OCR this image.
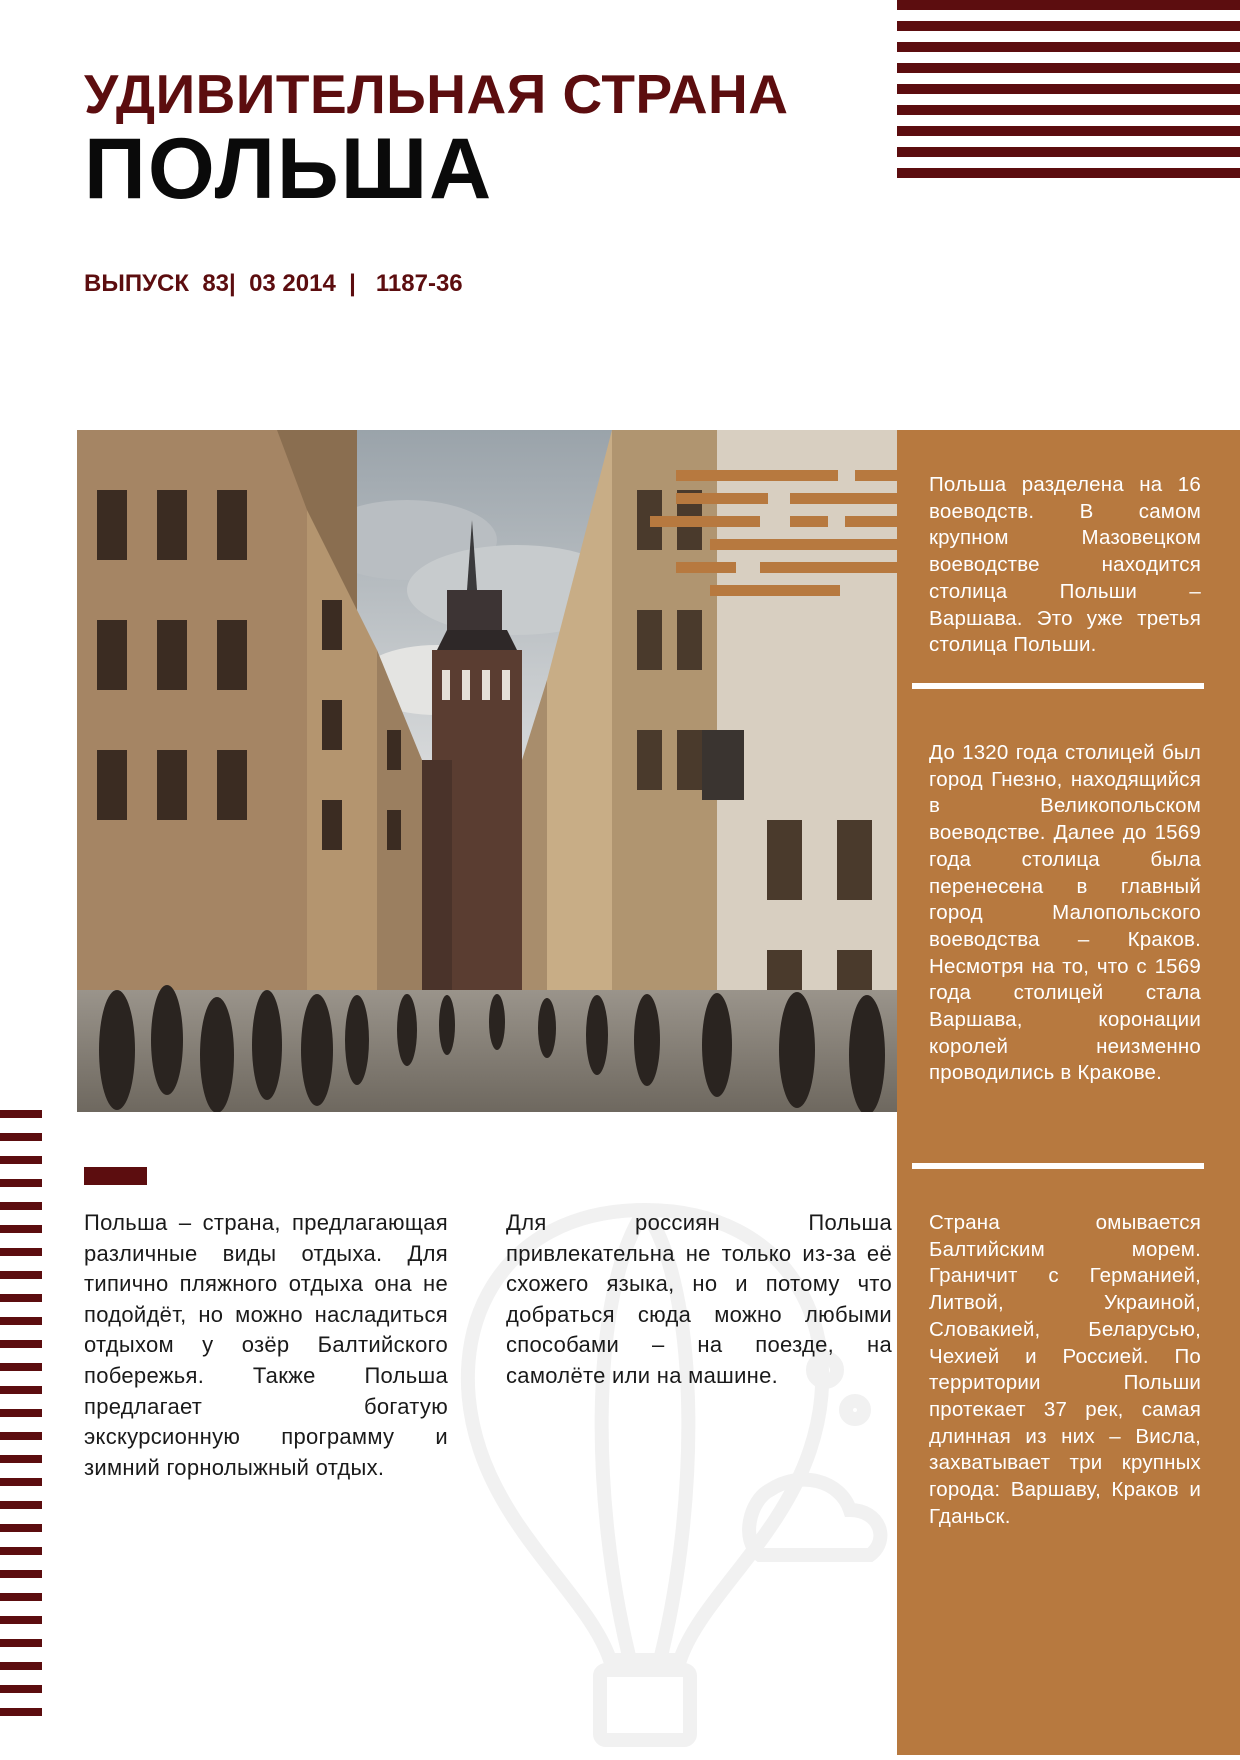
УДИВИТЕЛЬНАЯ СТРАНА
ПОЛЬША
ВЫПУСК  83|  03 2014  |   1187-36
Польша разделена на 16 воеводств. В самом крупном Мазовецком воеводстве находится столица Польши – Варшава. Это уже третья столица Польши.
До 1320 года столицей был город Гнезно, находящийся в Великопольском воеводстве. Далее до 1569 года столица была перенесена в главный город Малопольского воеводства – Краков. Несмотря на то, что с 1569 года столицей стала Варшава, коронации королей неизменно проводились в Кракове.
Страна омывается Балтийским морем. Граничит с Германией, Литвой, Украиной, Словакией, Беларусью, Чехией и Россией. По территории Польши протекает 37 рек, самая длинная из них – Висла, захватывает три крупных города: Варшаву, Краков и Гданьск.
Польша – страна, предлагающая различные виды отдыха. Для типично пляжного отдыха она не подойдёт, но можно насладиться отдыхом у озёр Балтийского побережья. Также Польша предлагает богатую экскурсионную программу и зимний горнолыжный отдых.
Для россиян Польша привлекательна не только из-за её схожего языка, но и потому что добраться сюда можно любыми способами – на поезде, на самолёте или на машине.
